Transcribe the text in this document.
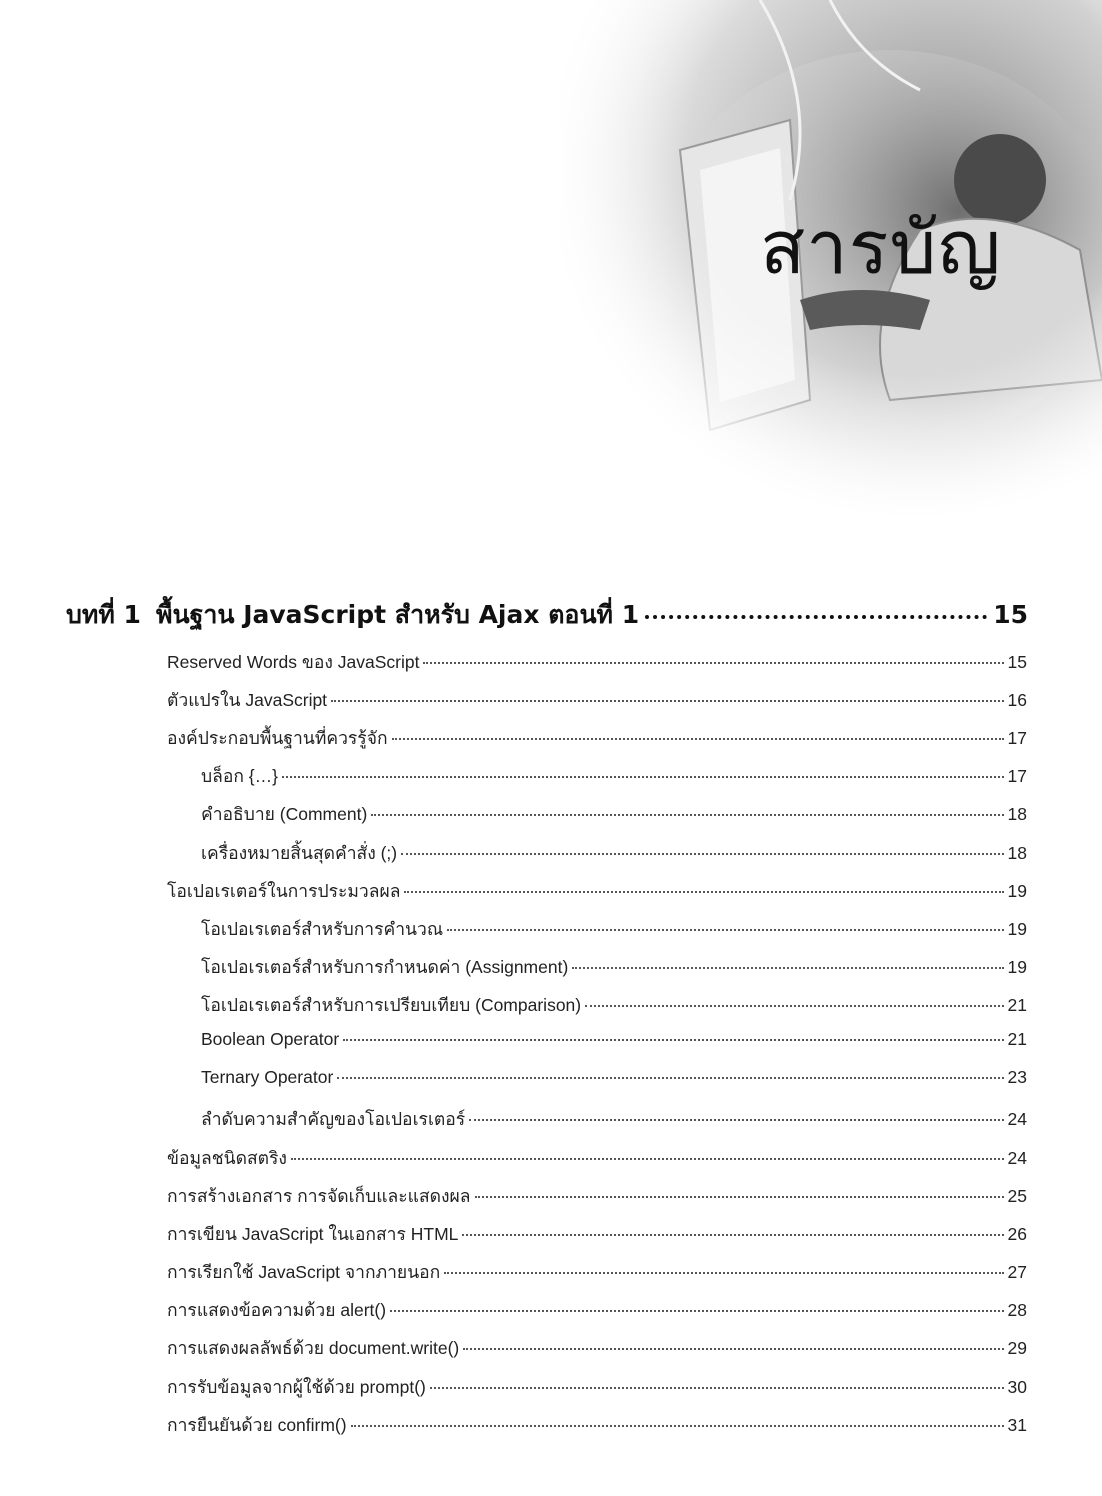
สารบัญ
บทที่ 1 พื้นฐาน JavaScript สำหรับ Ajax ตอนที่ 1	15
Reserved Words ของ JavaScript	15
ตัวแปรใน JavaScript	16
องค์ประกอบพื้นฐานที่ควรรู้จัก	17
บล็อก {…}	17
คำอธิบาย (Comment)	18
เครื่องหมายสิ้นสุดคำสั่ง (;)	18
โอเปอเรเตอร์ในการประมวลผล	19
โอเปอเรเตอร์สำหรับการคำนวณ	19
โอเปอเรเตอร์สำหรับการกำหนดค่า (Assignment)	19
โอเปอเรเตอร์สำหรับการเปรียบเทียบ (Comparison)	21
Boolean Operator	21
Ternary Operator	23
ลำดับความสำคัญของโอเปอเรเตอร์	24
ข้อมูลชนิดสตริง	24
การสร้างเอกสาร การจัดเก็บและแสดงผล	25
การเขียน JavaScript ในเอกสาร HTML	26
การเรียกใช้ JavaScript จากภายนอก	27
การแสดงข้อความด้วย alert()	28
การแสดงผลลัพธ์ด้วย document.write()	29
การรับข้อมูลจากผู้ใช้ด้วย prompt()	30
การยืนยันด้วย confirm()	31
